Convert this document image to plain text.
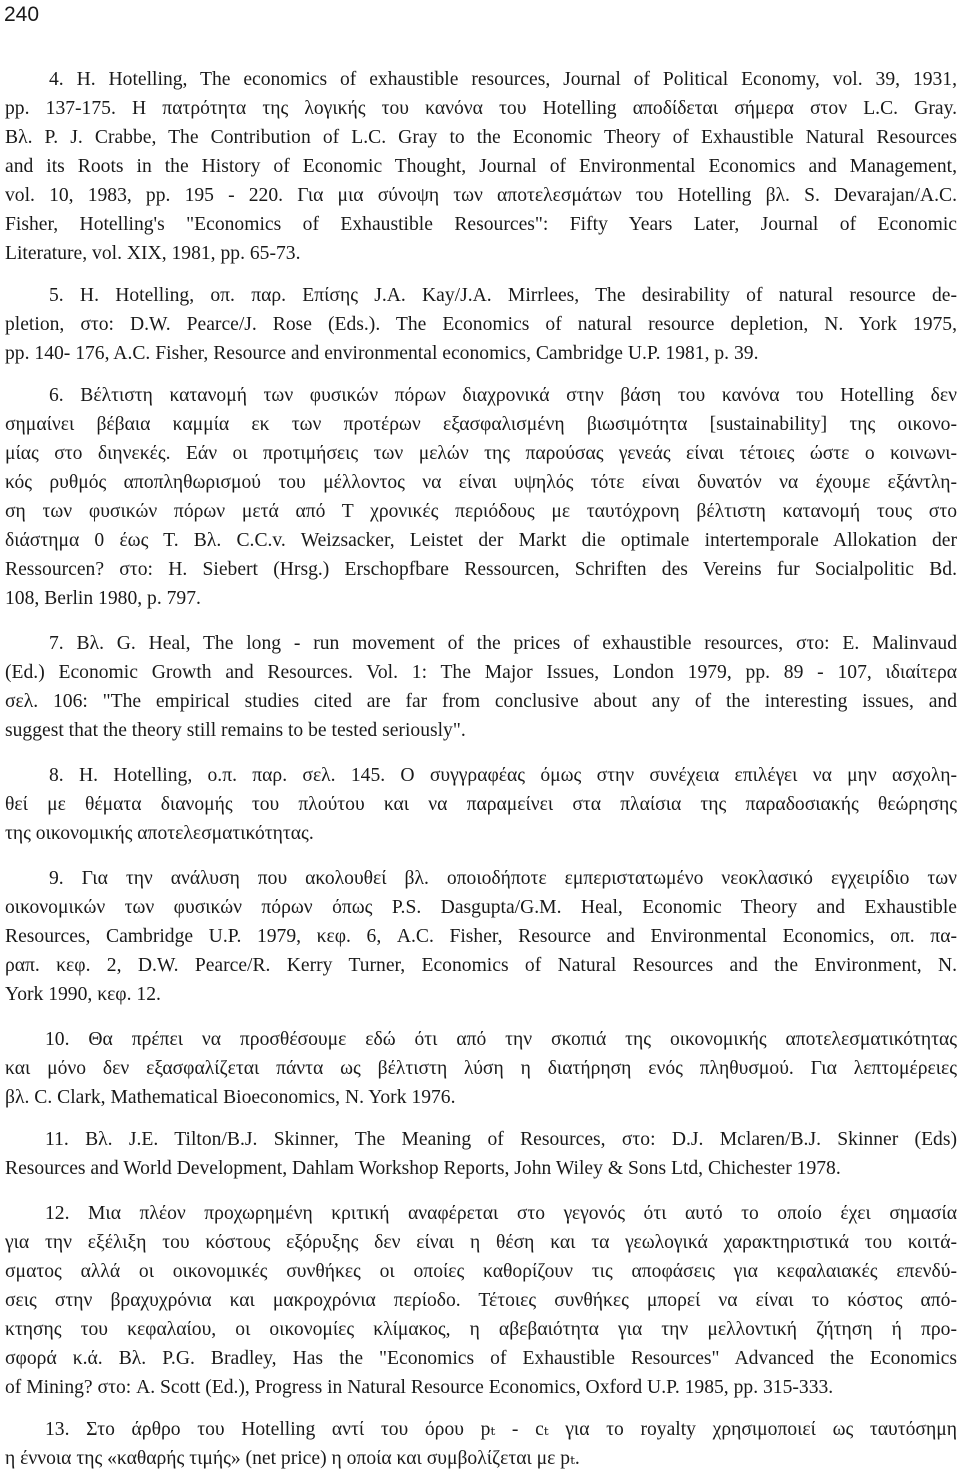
240
4. H. Hotelling, The economics of exhaustible resources, Journal of Political Economy, vol. 39, 1931,
pp. 137-175. Η πατρότητα της λογικής του κανόνα του Hotelling αποδίδεται σήμερα στον L.C. Gray.
Βλ. P. J. Crabbe, The Contribution of L.C. Gray to the Economic Theory of Exhaustible Natural Resources
and its Roots in the History of Economic Thought, Journal of Environmental Economics and Management,
vol. 10, 1983, pp. 195 - 220. Για μια σύνοψη των αποτελεσμάτων του Hotelling βλ. S. Devarajan/A.C.
Fisher, Hotelling's "Economics of Exhaustible Resources": Fifty Years Later, Journal of Economic
Literature, vol. XIX, 1981, pp. 65-73.
5. H. Hotelling, οπ. παρ. Επίσης J.A. Kay/J.A. Mirrlees, The desirability of natural resource de-
pletion, στο: D.W. Pearce/J. Rose (Eds.). The Economics of natural resource depletion, N. York 1975,
pp. 140- 176, A.C. Fisher, Resource and environmental economics, Cambridge U.P. 1981, p. 39.
6. Βέλτιστη κατανομή των φυσικών πόρων διαχρονικά στην βάση του κανόνα του Hotelling δεν
σημαίνει βέβαια καμμία εκ των προτέρων εξασφαλισμένη βιωσιμότητα [sustainability] της οικονο-
μίας στο διηνεκές. Εάν οι προτιμήσεις των μελών της παρούσας γενεάς είναι τέτοιες ώστε ο κοινωνι-
κός ρυθμός αποπληθωρισμού του μέλλοντος να είναι υψηλός τότε είναι δυνατόν να έχουμε εξάντλη-
ση των φυσικών πόρων μετά από Τ χρονικές περιόδους με ταυτόχρονη βέλτιστη κατανομή τους στο
διάστημα 0 έως Τ. Βλ. C.C.v. Weizsacker, Leistet der Markt die optimale intertemporale Allokation der
Ressourcen? στο: H. Siebert (Hrsg.) Erschopfbare Ressourcen, Schriften des Vereins fur Socialpolitic Bd.
108, Berlin 1980, p. 797.
7. Βλ. G. Heal, The long - run movement of the prices of exhaustible resources, στο: E. Malinvaud
(Ed.) Economic Growth and Resources. Vol. 1: The Major Issues, London 1979, pp. 89 - 107, ιδιαίτερα
σελ. 106: "The empirical studies cited are far from conclusive about any of the interesting issues, and
suggest that the theory still remains to be tested seriously".
8. H. Hotelling, ο.π. παρ. σελ. 145. Ο συγγραφέας όμως στην συνέχεια επιλέγει να μην ασχολη-
θεί με θέματα διανομής του πλούτου και να παραμείνει στα πλαίσια της παραδοσιακής θεώρησης
της οικονομικής αποτελεσματικότητας.
9. Για την ανάλυση που ακολουθεί βλ. οποιοδήποτε εμπεριστατωμένο νεοκλασικό εγχειρίδιο των
οικονομικών των φυσικών πόρων όπως P.S. Dasgupta/G.M. Heal, Economic Theory and Exhaustible
Resources, Cambridge U.P. 1979, κεφ. 6, A.C. Fisher, Resource and Environmental Economics, οπ. πα-
ραπ. κεφ. 2, D.W. Pearce/R. Kerry Turner, Economics of Natural Resources and the Environment, N.
York 1990, κεφ. 12.
10. Θα πρέπει να προσθέσουμε εδώ ότι από την σκοπιά της οικονομικής αποτελεσματικότητας
και μόνο δεν εξασφαλίζεται πάντα ως βέλτιστη λύση η διατήρηση ενός πληθυσμού. Για λεπτομέρειες
βλ. C. Clark, Mathematical Bioeconomics, N. York 1976.
11. Βλ. J.E. Tilton/B.J. Skinner, The Meaning of Resources, στο: D.J. Mclaren/B.J. Skinner (Eds)
Resources and World Development, Dahlam Workshop Reports, John Wiley & Sons Ltd, Chichester 1978.
12. Μια πλέον προχωρημένη κριτική αναφέρεται στο γεγονός ότι αυτό το οποίο έχει σημασία
για την εξέλιξη του κόστους εξόρυξης δεν είναι η θέση και τα γεωλογικά χαρακτηριστικά του κοιτά-
σματος αλλά οι οικονομικές συνθήκες οι οποίες καθορίζουν τις αποφάσεις για κεφαλαιακές επενδύ-
σεις στην βραχυχρόνια και μακροχρόνια περίοδο. Τέτοιες συνθήκες μπορεί να είναι το κόστος από-
κτησης του κεφαλαίου, οι οικονομίες κλίμακος, η αβεβαιότητα για την μελλοντική ζήτηση ή προ-
σφορά κ.ά. Βλ. P.G. Bradley, Has the "Economics of Exhaustible Resources" Advanced the Economics
of Mining? στο: A. Scott (Ed.), Progress in Natural Resource Economics, Oxford U.P. 1985, pp. 315-333.
13. Στο άρθρο του Hotelling αντί του όρου pₜ - cₜ για το royalty χρησιμοποιεί ως ταυτόσημη
η έννοια της «καθαρής τιμής» (net price) η οποία και συμβολίζεται με pₜ.
